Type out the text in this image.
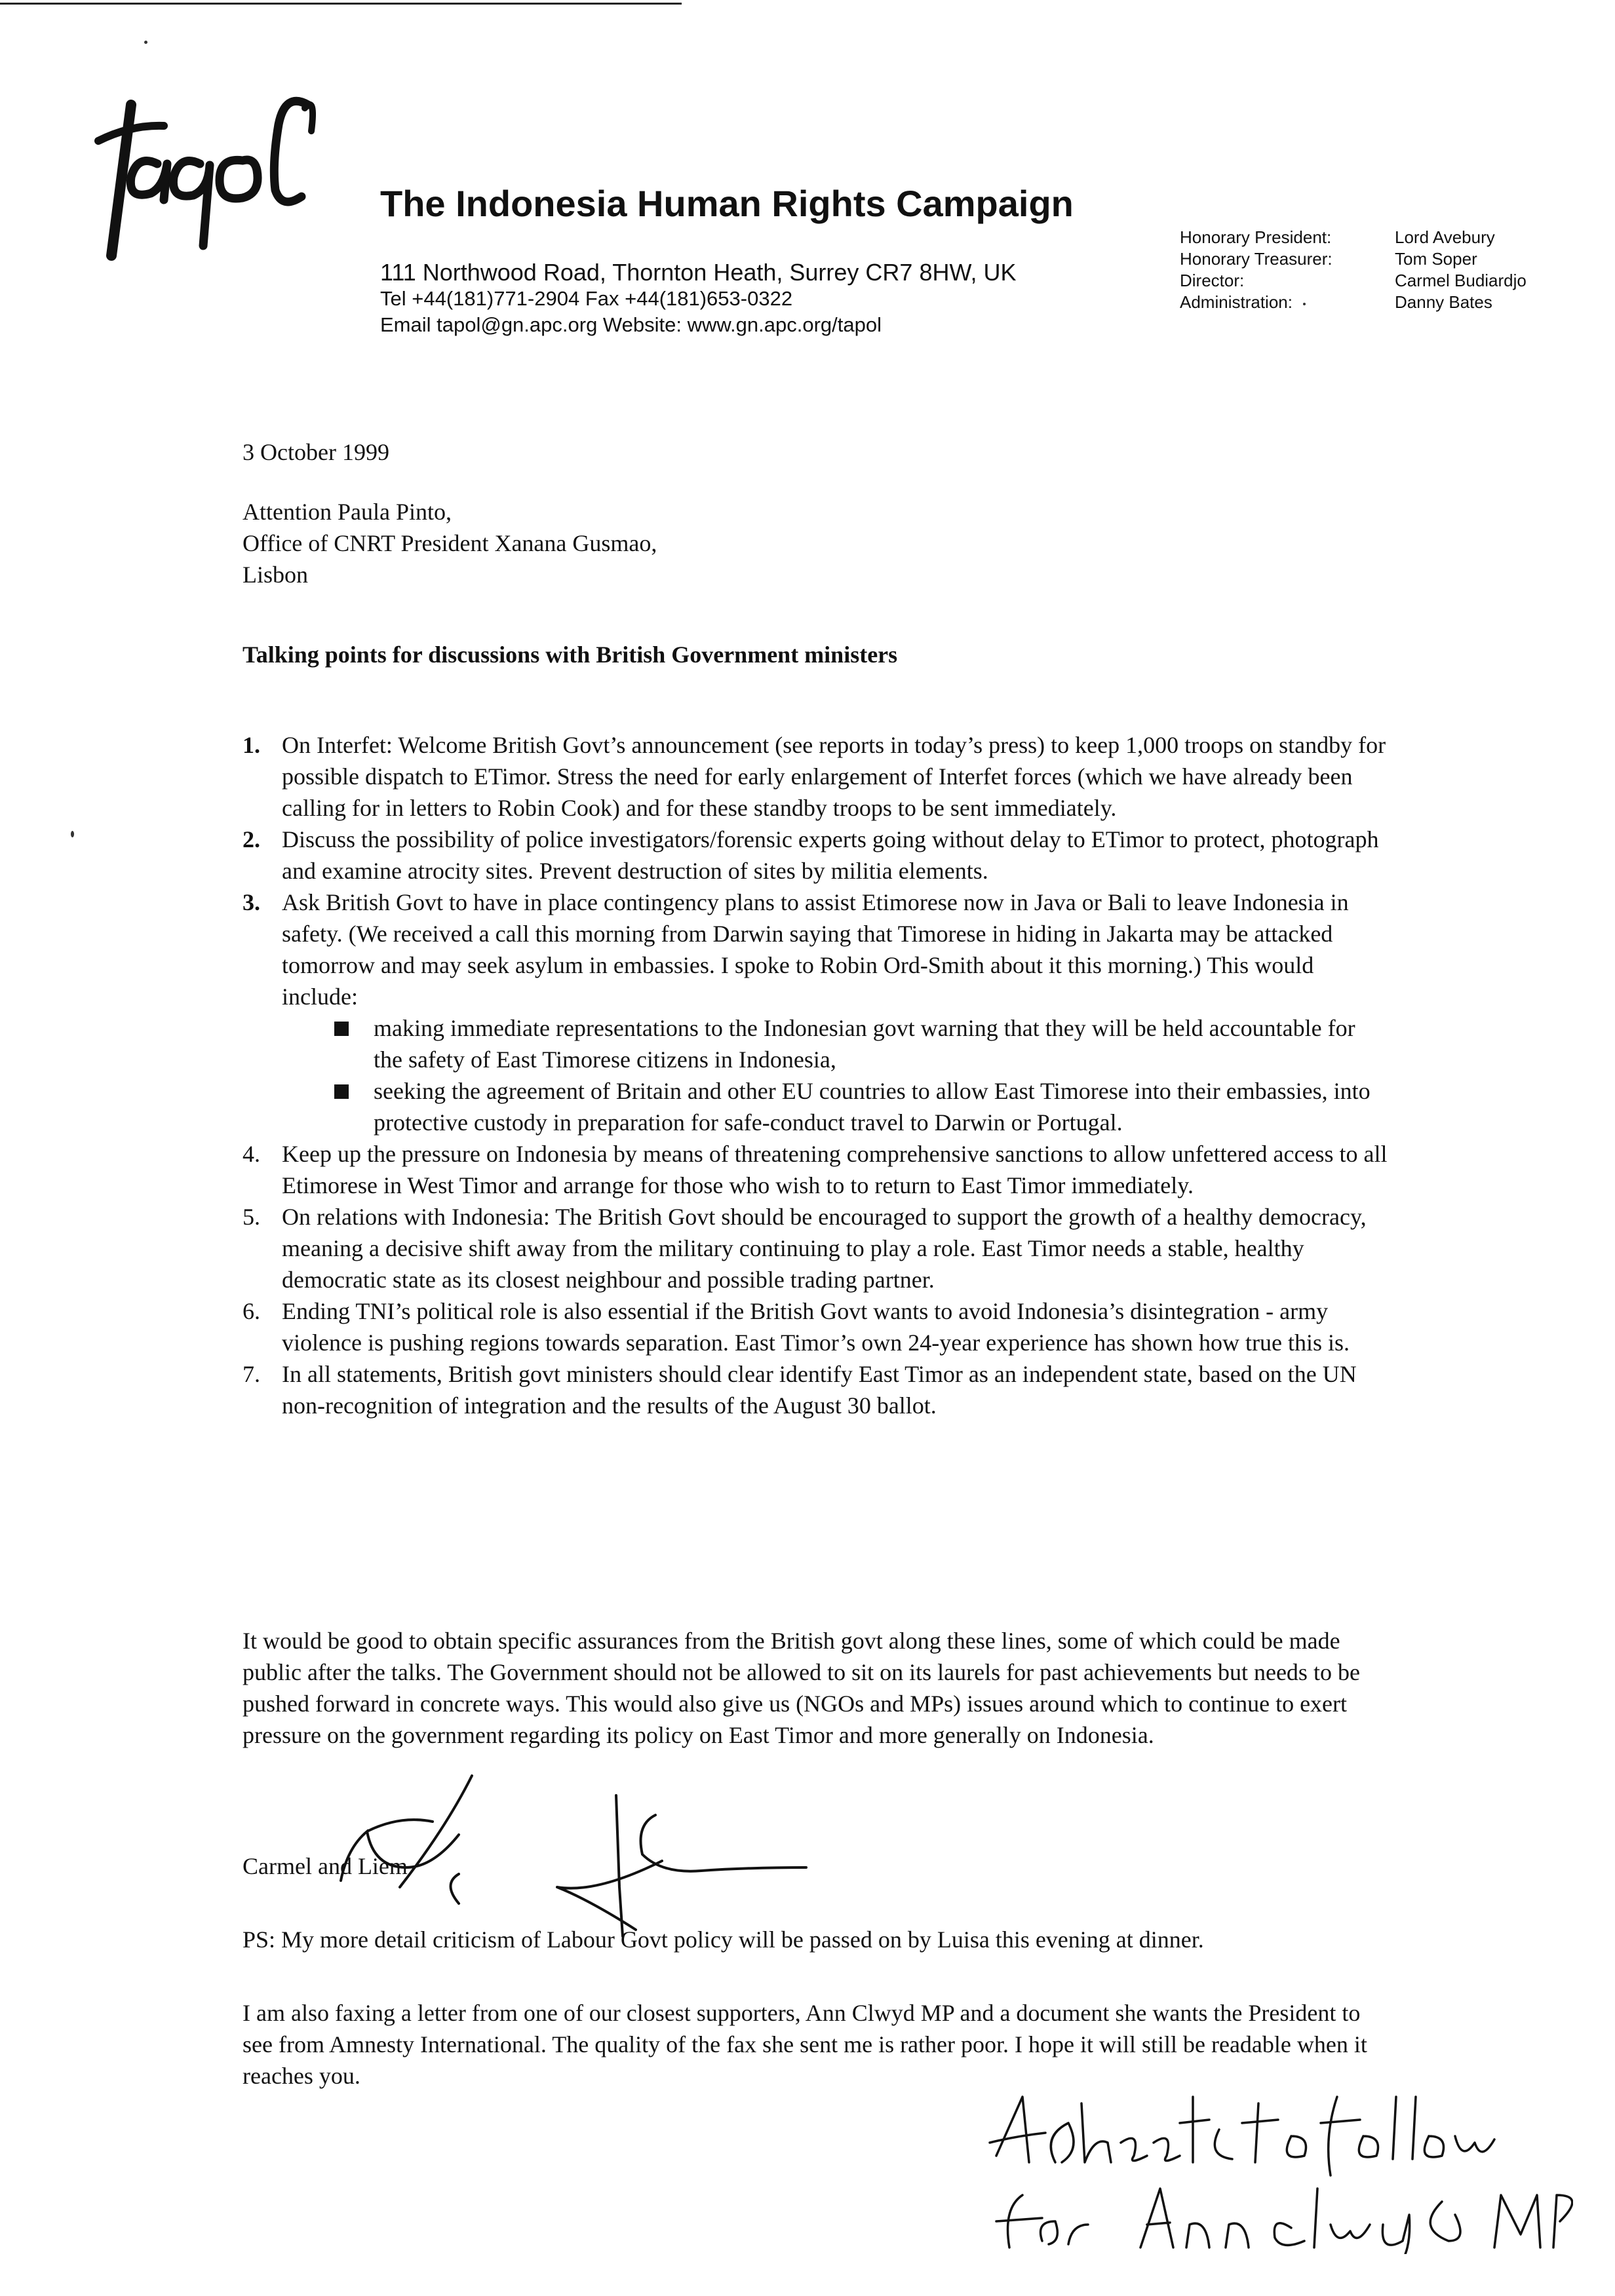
The Indonesia Human Rights Campaign
111 Northwood Road, Thornton Heath, Surrey CR7 8HW, UK
Tel +44(181)771-2904 Fax +44(181)653-0322
Email tapol@gn.apc.org Website: www.gn.apc.org/tapol
Honorary President:
Honorary Treasurer:
Director:
Administration:
Lord Avebury
Tom Soper
Carmel Budiardjo
Danny Bates
3 October 1999
Attention Paula Pinto,
Office of CNRT President Xanana Gusmao,
Lisbon
Talking points for discussions with British Government ministers
1. On Interfet: Welcome British Govt’s announcement (see reports in today’s press) to keep 1,000 troops on standby for possible dispatch to ETimor. Stress the need for early enlargement of Interfet forces (which we have already been calling for in letters to Robin Cook) and for these standby troops to be sent immediately.
2. Discuss the possibility of police investigators/forensic experts going without delay to ETimor to protect, photograph and examine atrocity sites. Prevent destruction of sites by militia elements.
3. Ask British Govt to have in place contingency plans to assist Etimorese now in Java or Bali to leave Indonesia in safety. (We received a call this morning from Darwin saying that Timorese in hiding in Jakarta may be attacked tomorrow and may seek asylum in embassies. I spoke to Robin Ord-Smith about it this morning.) This would include:
making immediate representations to the Indonesian govt warning that they will be held accountable for the safety of East Timorese citizens in Indonesia,
seeking the agreement of Britain and other EU countries to allow East Timorese into their embassies, into protective custody in preparation for safe-conduct travel to Darwin or Portugal.
4. Keep up the pressure on Indonesia by means of threatening comprehensive sanctions to allow unfettered access to all Etimorese in West Timor and arrange for those who wish to to return to East Timor immediately.
5. On relations with Indonesia: The British Govt should be encouraged to support the growth of a healthy democracy, meaning a decisive shift away from the military continuing to play a role. East Timor needs a stable, healthy democratic state as its closest neighbour and possible trading partner.
6. Ending TNI’s political role is also essential if the British Govt wants to avoid Indonesia’s disintegration - army violence is pushing regions towards separation. East Timor’s own 24-year experience has shown how true this is.
7. In all statements, British govt ministers should clear identify East Timor as an independent state, based on the UN non-recognition of integration and the results of the August 30 ballot.
It would be good to obtain specific assurances from the British govt along these lines, some of which could be made public after the talks. The Government should not be allowed to sit on its laurels for past achievements but needs to be pushed forward in concrete ways. This would also give us (NGOs and MPs) issues around which to continue to exert pressure on the government regarding its policy on East Timor and more generally on Indonesia.
Carmel and Liem
PS: My more detail criticism of Labour Govt policy will be passed on by Luisa this evening at dinner.
I am also faxing a letter from one of our closest supporters, Ann Clwyd MP and a document she wants the President to see from Amnesty International. The quality of the fax she sent me is rather poor. I hope it will still be readable when it reaches you.
